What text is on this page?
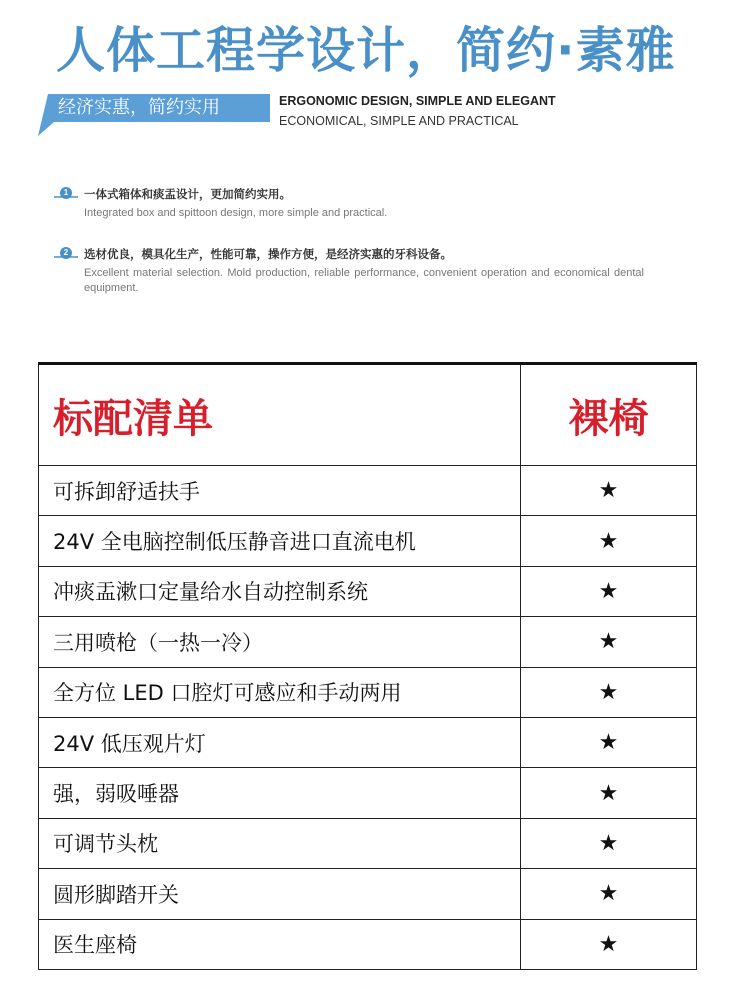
人体工程学设计，简约·素雅
经济实惠，简约实用	ERGONOMIC DESIGN, SIMPLE AND ELEGANT
ECONOMICAL, SIMPLE AND PRACTICAL
1	一体式箱体和痰盂设计，更加简约实用。
Integrated box and spittoon design, more simple and practical.
2	选材优良，模具化生产，性能可靠，操作方便，是经济实惠的牙科设备。
Excellent material selection. Mold production, reliable performance, convenient operation and economical dental equipment.
标配清单	裸椅
可拆卸舒适扶手	★
24V 全电脑控制低压静音进口直流电机	★
冲痰盂漱口定量给水自动控制系统	★
三用喷枪（一热一冷）	★
全方位 LED 口腔灯可感应和手动两用	★
24V 低压观片灯	★
强，弱吸唾器	★
可调节头枕	★
圆形脚踏开关	★
医生座椅	★
